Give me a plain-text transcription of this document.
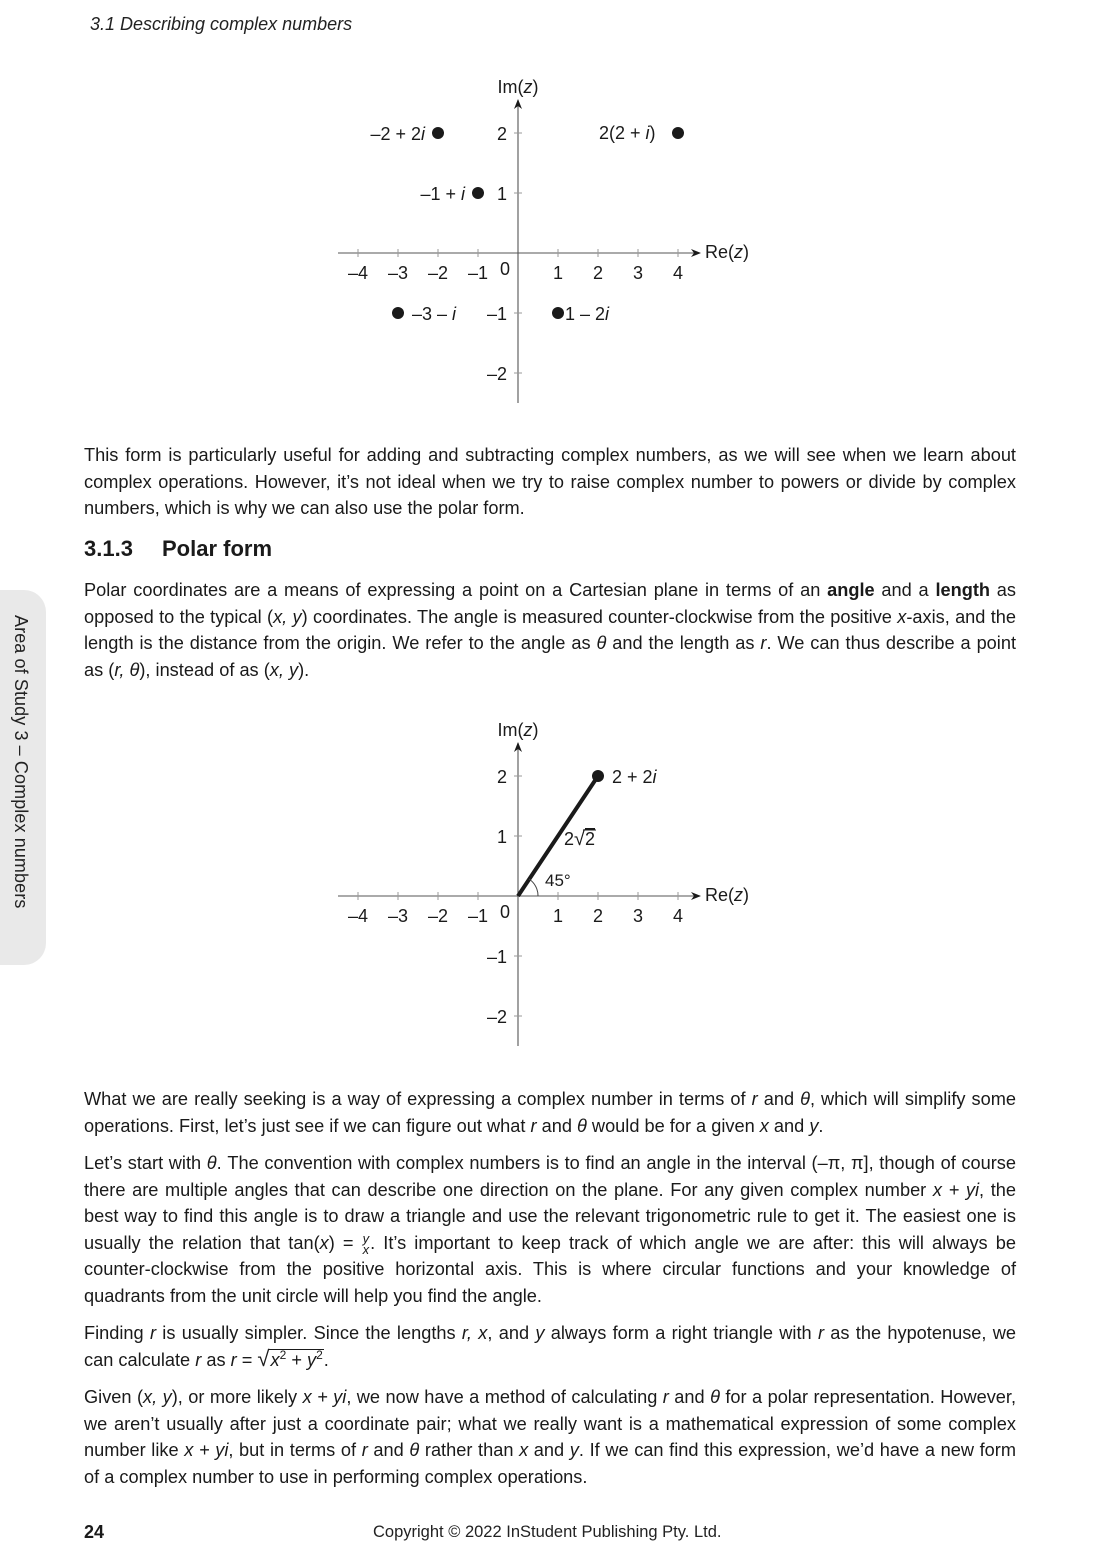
3.1 Describing complex numbers
Area of Study 3 – Complex numbers
–4 –3 –2 –1 0 1 2 3 4
2
1
–1
–2
Im(z)
Re(z)
–2 + 2i	2(2 + i)
–1 + i
–3 – i	1 – 2i

This form is particularly useful for adding and subtracting complex numbers, as we will see when we learn about complex operations. However, it’s not ideal when we try to raise complex number to powers or divide by complex numbers, which is why we can also use the polar form.

3.1.3 Polar form

Polar coordinates are a means of expressing a point on a Cartesian plane in terms of an angle and a length as opposed to the typical (x, y) coordinates. The angle is measured counter-clockwise from the positive x-axis, and the length is the distance from the origin. We refer to the angle as θ and the length as r. We can thus describe a point as (r, θ), instead of as (x, y).

–4 –3 –2 –1 0 1 2 3 4
2
1
–1
–2
Im(z)
Re(z)
2 + 2i
2√2
45°

What we are really seeking is a way of expressing a complex number in terms of r and θ, which will simplify some operations. First, let’s just see if we can figure out what r and θ would be for a given x and y.

Let’s start with θ. The convention with complex numbers is to find an angle in the interval (–π, π], though of course there are multiple angles that can describe one direction on the plane. For any given complex number x + yi, the best way to find this angle is to draw a triangle and use the relevant trigonometric rule to get it. The easiest one is usually the relation that tan(x) = y
x . It’s important to keep track of which angle we are after: this will always be counter-clockwise from the positive horizontal axis. This is where circular functions and your knowledge of quadrants from the unit circle will help you find the angle.

Finding r is usually simpler. Since the lengths r, x, and y always form a right triangle with r as the hypotenuse, we can calculate r as $r = √x^2 + y^2$.

Given (x, y), or more likely x + yi, we now have a method of calculating r and θ for a polar representation. However, we aren’t usually after just a coordinate pair; what we really want is a mathematical expression of some complex number like x + yi, but in terms of r and θ rather than x and y. If we can find this expression, we’d have a new form of a complex number to use in performing complex operations.

24	Copyright © 2022 InStudent Publishing Pty. Ltd.
